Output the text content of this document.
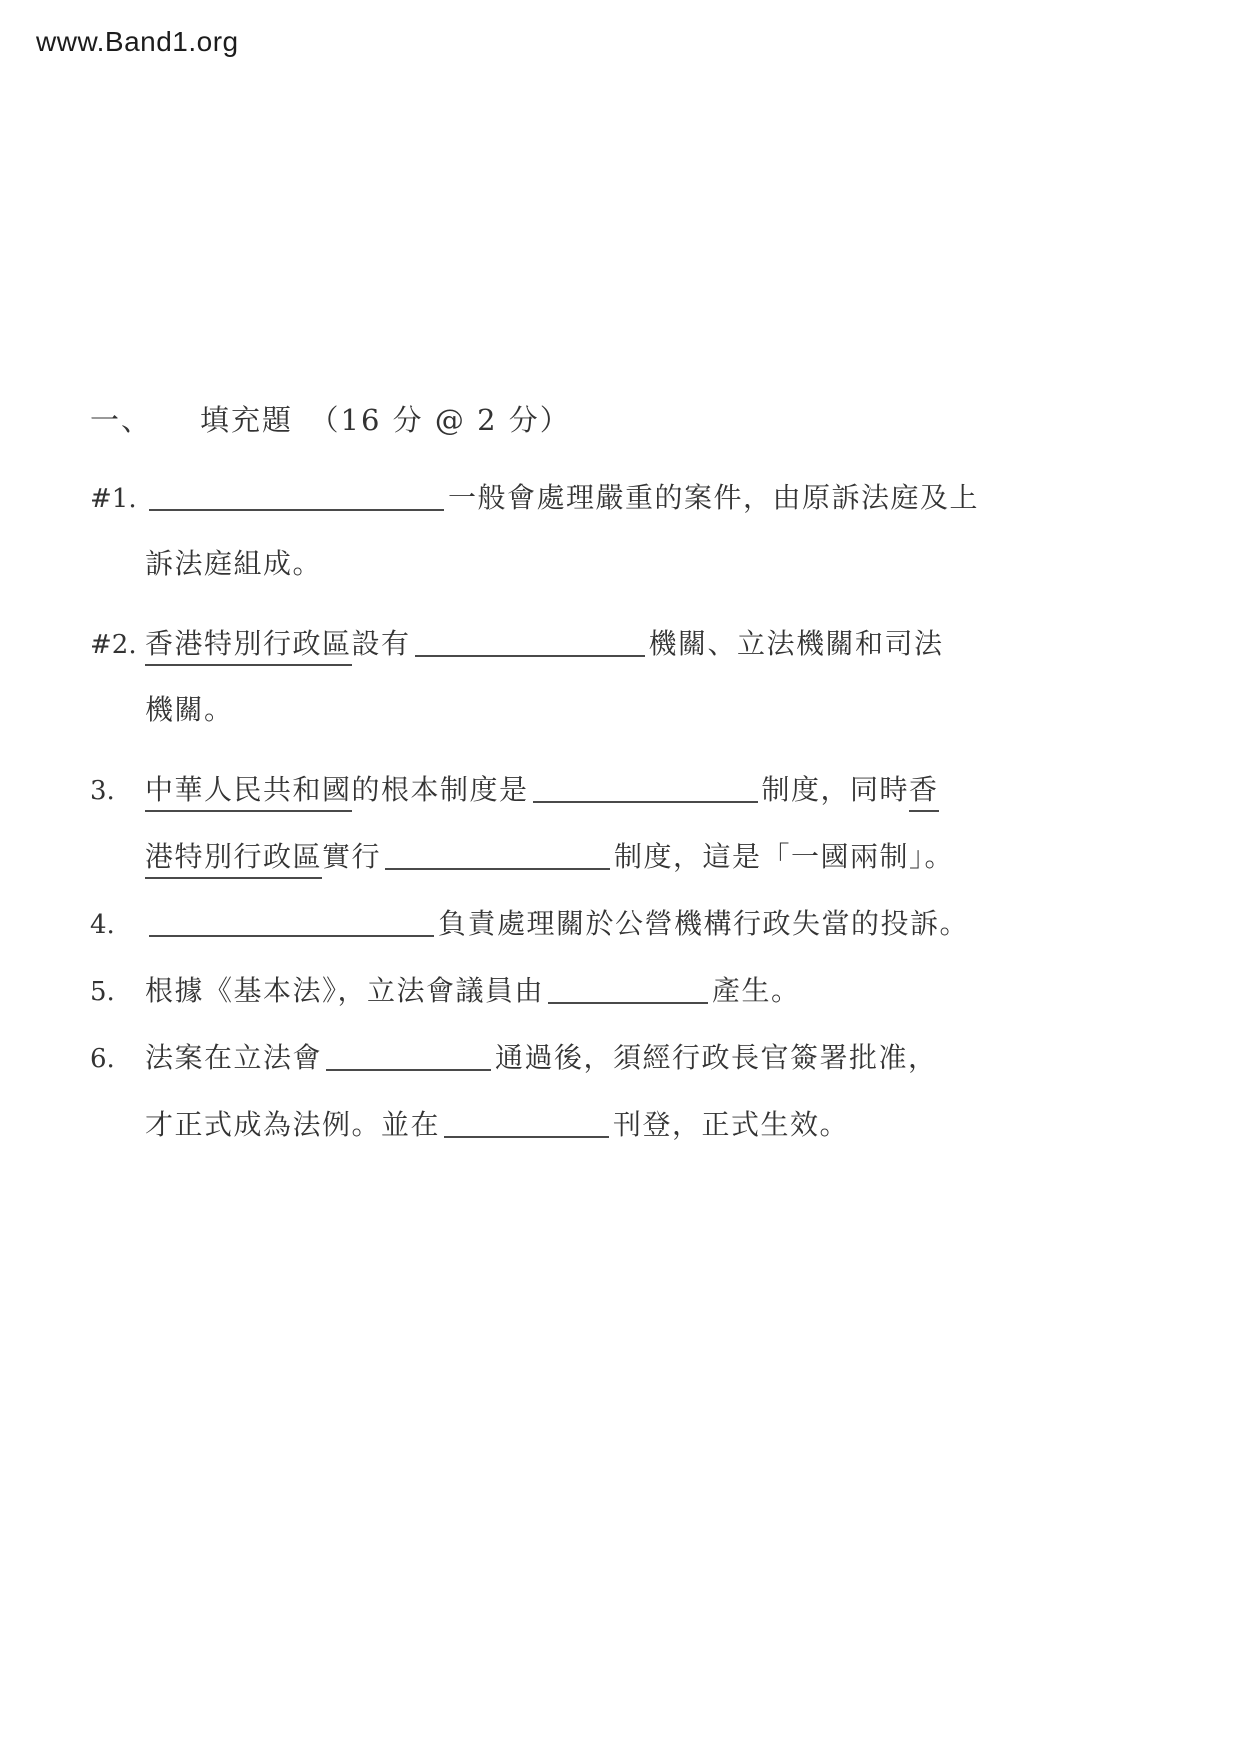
www.Band1.org
一、 填充題　（16 分 @ 2 分）
#1.	一般會處理嚴重的案件，由原訴法庭及上
訴法庭組成。
#2. 香港特別行政區 設有	機關、立法機關和司法
機關。
3.	中華人民共和國 的根本制度是	制度，同時 香
港特別行政區 實行	制度，這是「一國兩制」。
4.	負責處理關於公營機構行政失當的投訴。
5.	根據《基本法》，立法會議員由	產生。
6.	法案在立法會	通過後，須經行政長官簽署批准，
才正式成為法例。並在	刊登，正式生效。
